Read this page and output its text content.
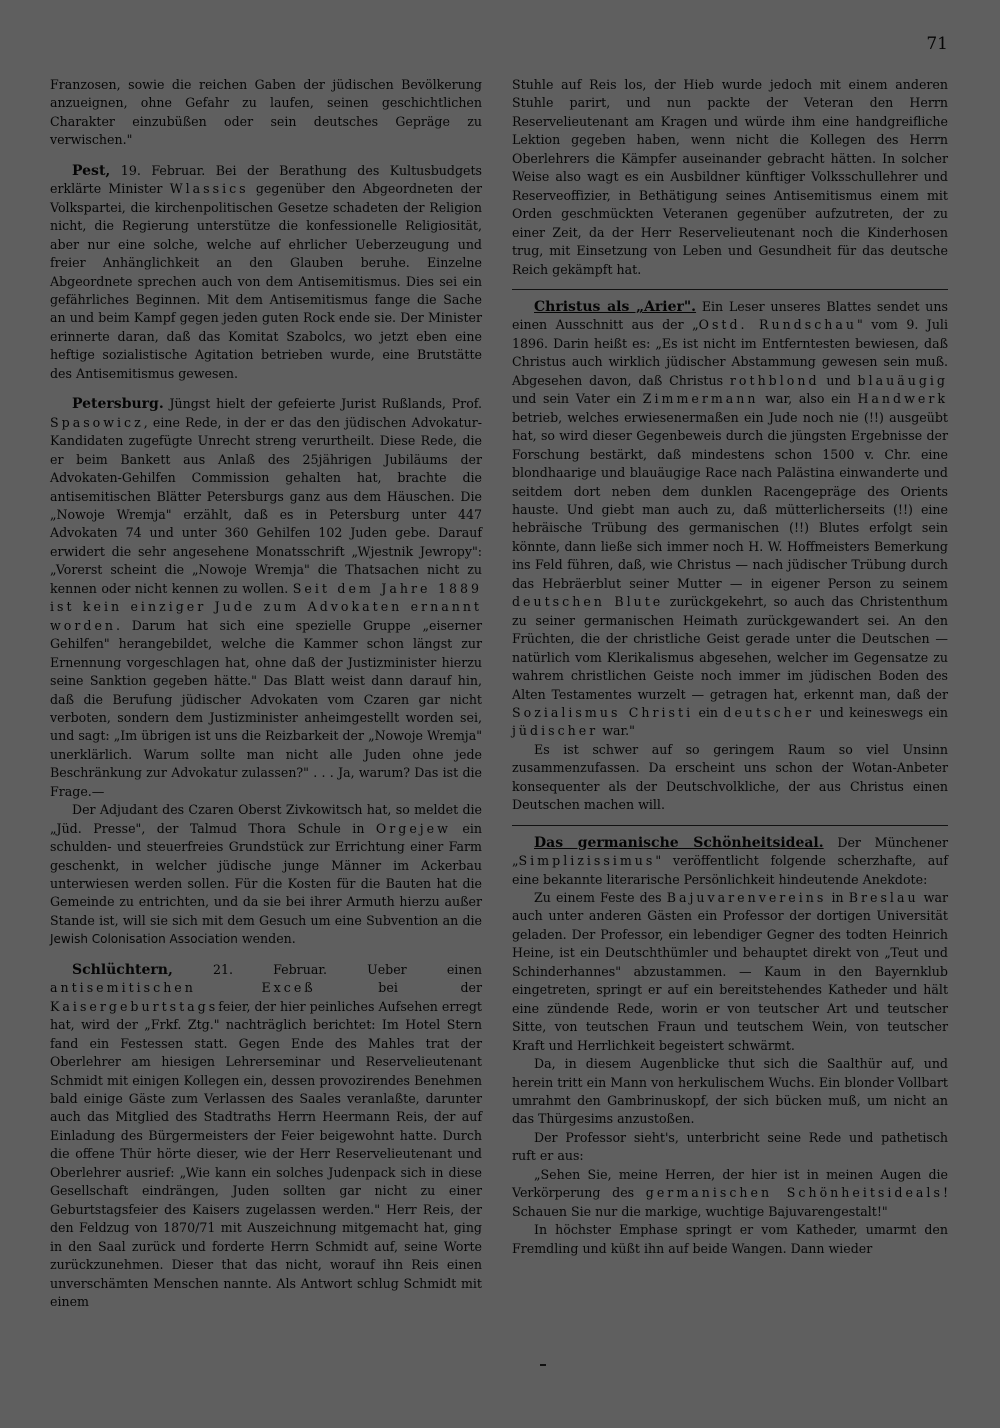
71

Franzosen, sowie die reichen Gaben der jüdischen Bevölkerung anzueignen, ohne Gefahr zu laufen, seinen geschichtlichen Charakter einzubüßen oder sein deutsches Gepräge zu verwischen."

Pest, 19. Februar. Bei der Berathung des Kultusbudgets erklärte Minister Wlassics gegenüber den Abgeordneten der Volkspartei, die kirchenpolitischen Gesetze schadeten der Religion nicht, die Regierung unterstütze die konfessionelle Religiosität, aber nur eine solche, welche auf ehrlicher Ueberzeugung und freier Anhänglichkeit an den Glauben beruhe. Einzelne Abgeordnete sprechen auch von dem Antisemitismus. Dies sei ein gefährliches Beginnen. Mit dem Antisemitismus fange die Sache an und beim Kampf gegen jeden guten Rock ende sie. Der Minister erinnerte daran, daß das Komitat Szabolcs, wo jetzt eben eine heftige sozialistische Agitation betrieben wurde, eine Brutstätte des Antisemitismus gewesen.

Petersburg. Jüngst hielt der gefeierte Jurist Rußlands, Prof. Spasowicz, eine Rede, in der er das den jüdischen Advokatur-Kandidaten zugefügte Unrecht streng verurtheilt. Diese Rede, die er beim Bankett aus Anlaß des 25jährigen Jubiläums der Advokaten-Gehilfen Commission gehalten hat, brachte die antisemitischen Blätter Petersburgs ganz aus dem Häuschen. Die „Nowoje Wremja" erzählt, daß es in Petersburg unter 447 Advokaten 74 und unter 360 Gehilfen 102 Juden gebe. Darauf erwidert die sehr angesehene Monatsschrift „Wjestnik Jewropy": „Vorerst scheint die „Nowoje Wremja" die Thatsachen nicht zu kennen oder nicht kennen zu wollen. Seit dem Jahre 1889 ist kein einziger Jude zum Advokaten ernannt worden. Darum hat sich eine spezielle Gruppe „eiserner Gehilfen" herangebildet, welche die Kammer schon längst zur Ernennung vorgeschlagen hat, ohne daß der Justizminister hierzu seine Sanktion gegeben hätte." Das Blatt weist dann darauf hin, daß die Berufung jüdischer Advokaten vom Czaren gar nicht verboten, sondern dem Justizminister anheimgestellt worden sei, und sagt: „Im übrigen ist uns die Reizbarkeit der „Nowoje Wremja" unerklärlich. Warum sollte man nicht alle Juden ohne jede Beschränkung zur Advokatur zulassen?" . . . Ja, warum? Das ist die Frage.—

Der Adjudant des Czaren Oberst Zivkowitsch hat, so meldet die „Jüd. Presse", der Talmud Thora Schule in Orgejew ein schulden- und steuerfreies Grundstück zur Errichtung einer Farm geschenkt, in welcher jüdische junge Männer im Ackerbau unterwiesen werden sollen. Für die Kosten für die Bauten hat die Gemeinde zu entrichten, und da sie bei ihrer Armuth hierzu außer Stande ist, will sie sich mit dem Gesuch um eine Subvention an die Jewish Colonisation Association wenden.

Schlüchtern, 21. Februar. Ueber einen antisemitischen Exceß bei der Kaisergeburtstagsfeier, der hier peinliches Aufsehen erregt hat, wird der „Frkf. Ztg." nachträglich berichtet: Im Hotel Stern fand ein Festessen statt. Gegen Ende des Mahles trat der Oberlehrer am hiesigen Lehrerseminar und Reservelieutenant Schmidt mit einigen Kollegen ein, dessen provozirendes Benehmen bald einige Gäste zum Verlassen des Saales veranlaßte, darunter auch das Mitglied des Stadtraths Herrn Heermann Reis, der auf Einladung des Bürgermeisters der Feier beigewohnt hatte. Durch die offene Thür hörte dieser, wie der Herr Reservelieutenant und Oberlehrer ausrief: „Wie kann ein solches Judenpack sich in diese Gesellschaft eindrängen, Juden sollten gar nicht zu einer Geburtstagsfeier des Kaisers zugelassen werden." Herr Reis, der den Feldzug von 1870/71 mit Auszeichnung mitgemacht hat, ging in den Saal zurück und forderte Herrn Schmidt auf, seine Worte zurückzunehmen. Dieser that das nicht, worauf ihn Reis einen unverschämten Menschen nannte. Als Antwort schlug Schmidt mit einem

Stuhle auf Reis los, der Hieb wurde jedoch mit einem anderen Stuhle parirt, und nun packte der Veteran den Herrn Reservelieutenant am Kragen und würde ihm eine handgreifliche Lektion gegeben haben, wenn nicht die Kollegen des Herrn Oberlehrers die Kämpfer auseinander gebracht hätten. In solcher Weise also wagt es ein Ausbildner künftiger Volksschullehrer und Reserveoffizier, in Bethätigung seines Antisemitismus einem mit Orden geschmückten Veteranen gegenüber aufzutreten, der zu einer Zeit, da der Herr Reservelieutenant noch die Kinderhosen trug, mit Einsetzung von Leben und Gesundheit für das deutsche Reich gekämpft hat.

Christus als „Arier". Ein Leser unseres Blattes sendet uns einen Ausschnitt aus der „Ostd. Rundschau" vom 9. Juli 1896. Darin heißt es: „Es ist nicht im Entferntesten bewiesen, daß Christus auch wirklich jüdischer Abstammung gewesen sein muß. Abgesehen davon, daß Christus rothblond und blauäugig und sein Vater ein Zimmermann war, also ein Handwerk betrieb, welches erwiesenermaßen ein Jude noch nie (!!) ausgeübt hat, so wird dieser Gegenbeweis durch die jüngsten Ergebnisse der Forschung bestärkt, daß mindestens schon 1500 v. Chr. eine blondhaarige und blauäugige Race nach Palästina einwanderte und seitdem dort neben dem dunklen Racengepräge des Orients hauste. Und giebt man auch zu, daß mütterlicherseits (!!) eine hebräische Trübung des germanischen (!!) Blutes erfolgt sein könnte, dann ließe sich immer noch H. W. Hoffmeisters Bemerkung ins Feld führen, daß, wie Christus — nach jüdischer Trübung durch das Hebräerblut seiner Mutter — in eigener Person zu seinem deutschen Blute zurückgekehrt, so auch das Christenthum zu seiner germanischen Heimath zurückgewandert sei. An den Früchten, die der christliche Geist gerade unter die Deutschen — natürlich vom Klerikalismus abgesehen, welcher im Gegensatze zu wahrem christlichen Geiste noch immer im jüdischen Boden des Alten Testamentes wurzelt — getragen hat, erkennt man, daß der Sozialismus Christi ein deutscher und keineswegs ein jüdischer war."

Es ist schwer auf so geringem Raum so viel Unsinn zusammenzufassen. Da erscheint uns schon der Wotan-Anbeter konsequenter als der Deutschvolkliche, der aus Christus einen Deutschen machen will.

Das germanische Schönheitsideal. Der Münchener „Simplizissimus" veröffentlicht folgende scherzhafte, auf eine bekannte literarische Persönlichkeit hindeutende Anekdote:

Zu einem Feste des Bajuvarenvereins in Breslau war auch unter anderen Gästen ein Professor der dortigen Universität geladen. Der Professor, ein lebendiger Gegner des todten Heinrich Heine, ist ein Deutschthümler und behauptet direkt von „Teut und Schinderhannes" abzustammen. — Kaum in den Bayernklub eingetreten, springt er auf ein bereitstehendes Katheder und hält eine zündende Rede, worin er von teutscher Art und teutscher Sitte, von teutschen Fraun und teutschem Wein, von teutscher Kraft und Herrlichkeit begeistert schwärmt.

Da, in diesem Augenblicke thut sich die Saalthür auf, und herein tritt ein Mann von herkulischem Wuchs. Ein blonder Vollbart umrahmt den Gambrinuskopf, der sich bücken muß, um nicht an das Thürgesims anzustoßen.

Der Professor sieht's, unterbricht seine Rede und pathetisch ruft er aus:

„Sehen Sie, meine Herren, der hier ist in meinen Augen die Verkörperung des germanischen Schönheitsideals! Schauen Sie nur die markige, wuchtige Bajuvarengestalt!"

In höchster Emphase springt er vom Katheder, umarmt den Fremdling und küßt ihn auf beide Wangen. Dann wieder
